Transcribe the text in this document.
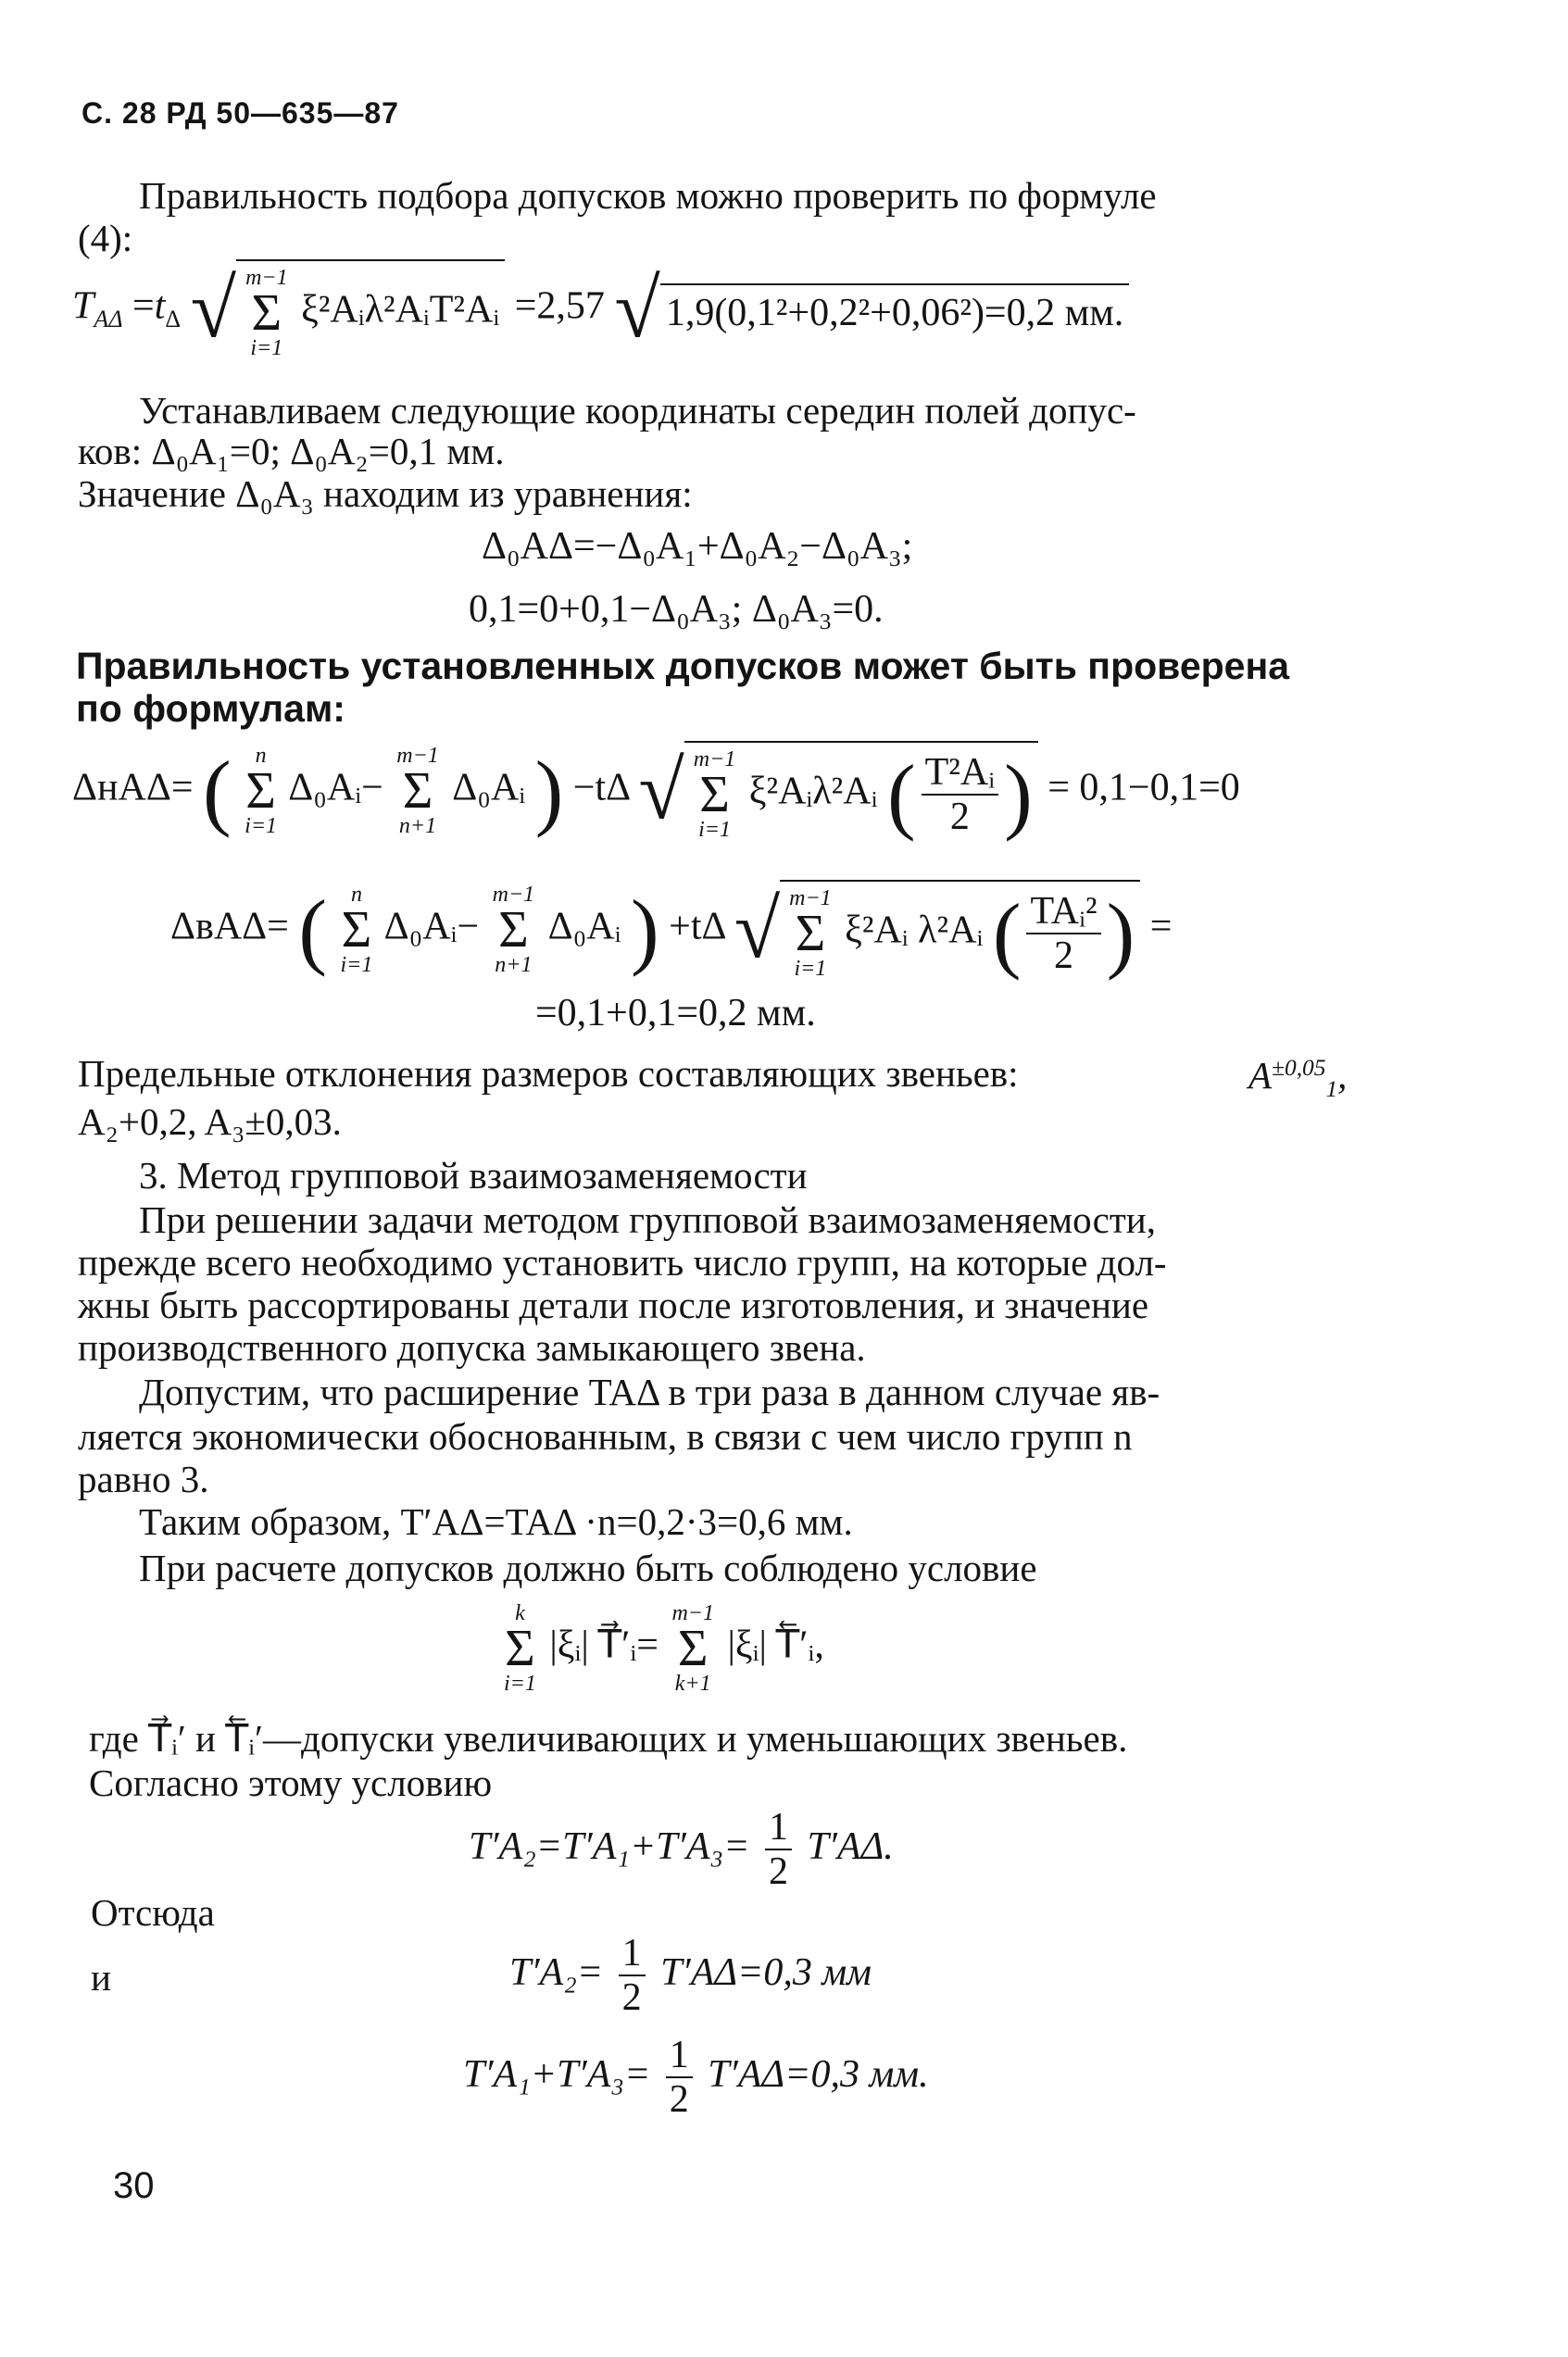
С. 28 РД 50—635—87
Правильность подбора допусков можно проверить по формуле
(4):
$T_{A\Delta} =t_\Delta$ √ m−1
Σ
i=1
ξ²Aᵢλ²AᵢT²Aᵢ =2,57 √ 1,9(0,1²+0,2²+0,06²)=0,2 мм.
Устанавливаем следующие координаты середин полей допус-
ков: Δ₀A₁=0; Δ₀A₂=0,1 мм.
Значение Δ₀A₃ находим из уравнения:
Δ₀AΔ=−Δ₀A₁+Δ₀A₂−Δ₀A₃;
0,1=0+0,1−Δ₀A₃; Δ₀A₃=0.
Правильность установленных допусков может быть проверена
по формулам:
ΔнAΔ= (	n
Σ
i=1
Δ₀Aᵢ−
m−1
Σ
n+1
Δ₀Aᵢ ) −tΔ √ m−1
Σ
i=1
ξ²Aᵢλ²Aᵢ ( $\frac{\text{T²Aᵢ}}{2}$ ) = 0,1−0,1=0
ΔвAΔ= (	n
Σ
i=1
Δ₀Aᵢ−
m−1
Σ
n+1
Δ₀Aᵢ ) +tΔ √ m−1
Σ
i=1
ξ²Aᵢ λ²Aᵢ ( $\frac{\text{TAᵢ²}}{2}$ ) =
=0,1+0,1=0,2 мм.
Предельные отклонения размеров составляющих звеньев:	$A^{\pm 0,05}_1$,
A₂+0,2, A₃±0,03.
3. Метод групповой взаимозаменяемости
При решении задачи методом групповой взаимозаменяемости,
прежде всего необходимо установить число групп, на которые дол-
жны быть рассортированы детали после изготовления, и значение
производственного допуска замыкающего звена.
Допустим, что расширение TAΔ в три раза в данном случае яв-
ляется экономически обоснованным, в связи с чем число групп n
равно 3.
Таким образом, T′AΔ=TAΔ ·n=0,2·3=0,6 мм.
При расчете допусков должно быть соблюдено условие
k
Σ
i=1
|ξᵢ| T⃗′ᵢ=
m−1
Σ
k+1
|ξᵢ| T⃖′ᵢ,
где T⃗ᵢ′ и T⃖ᵢ′—допуски увеличивающих и уменьшающих звеньев.
Согласно этому условию
$T'A_2=T'A_1+T'A_3= \frac{1}{2} T'A\Delta$.
Отсюда
и	$T'A_2= \frac{1}{2} T'A\Delta=0,3$ мм
$T'A_1+T'A_3= \frac{1}{2} T'A\Delta=0,3$ мм.
30
